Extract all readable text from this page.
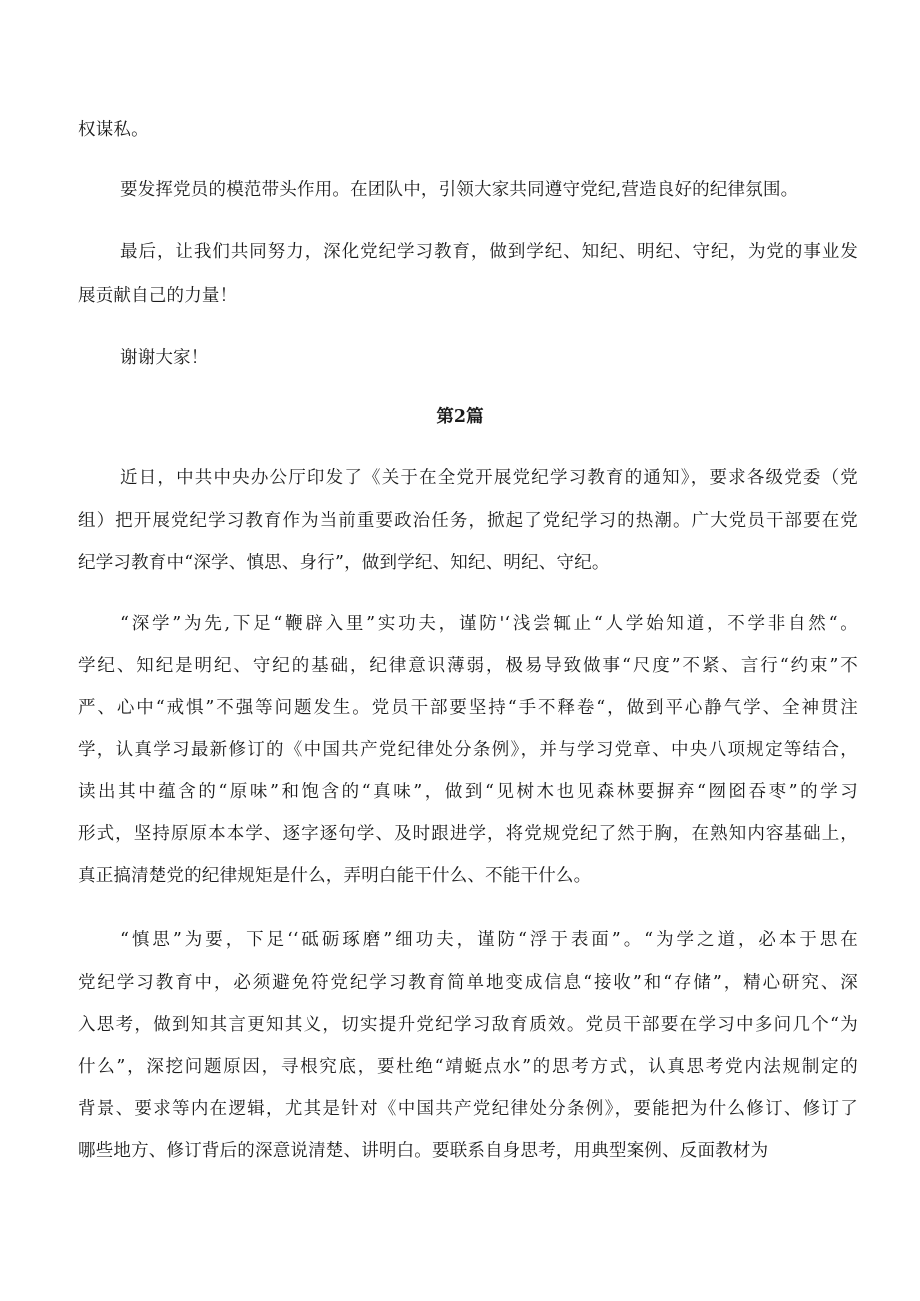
权谋私。
要发挥党员的模范带头作用。在团队中，引领大家共同遵守党纪,营造良好的纪律氛围。
最后，让我们共同努力，深化党纪学习教育，做到学纪、知纪、明纪、守纪，为党的事业发
展贡献自己的力量！
谢谢大家！
第2篇
近日，中共中央办公厅印发了《关于在全党开展党纪学习教育的通知》，要求各级党委（党
组）把开展党纪学习教育作为当前重要政治任务，掀起了党纪学习的热潮。广大党员干部要在党
纪学习教育中“深学、慎思、身行”，做到学纪、知纪、明纪、守纪。
“深学”为先,下足“鞭辟入里”实功夫，谨防'‘浅尝辄止“人学始知道，不学非自然“。
学纪、知纪是明纪、守纪的基础，纪律意识薄弱，极易导致做事“尺度”不紧、言行“约束”不
严、心中“戒惧”不强等问题发生。党员干部要坚持“手不释卷“，做到平心静气学、全神贯注
学，认真学习最新修订的《中国共产党纪律处分条例》，并与学习党章、中央八项规定等结合，
读出其中蕴含的“原味”和饱含的“真味”，做到“见树木也见森林要摒弃“囫囵吞枣”的学习
形式，坚持原原本本学、逐字逐句学、及时跟进学，将党规党纪了然于胸，在熟知内容基础上，
真正搞清楚党的纪律规矩是什么，弄明白能干什么、不能干什么。
“慎思”为要，下足‘‘砥砺琢磨”细功夫，谨防“浮于表面”。“为学之道，必本于思在
党纪学习教育中，必须避免符党纪学习教育简单地变成信息“接收”和“存储”，精心研究、深
入思考，做到知其言更知其义，切实提升党纪学习敌育质效。党员干部要在学习中多问几个“为
什么”，深挖问题原因，寻根究底，要杜绝“靖蜓点水”的思考方式，认真思考党内法规制定的
背景、要求等内在逻辑，尤其是针对《中国共产党纪律处分条例》，要能把为什么修订、修订了
哪些地方、修订背后的深意说清楚、讲明白。要联系自身思考，用典型案例、反面教材为
